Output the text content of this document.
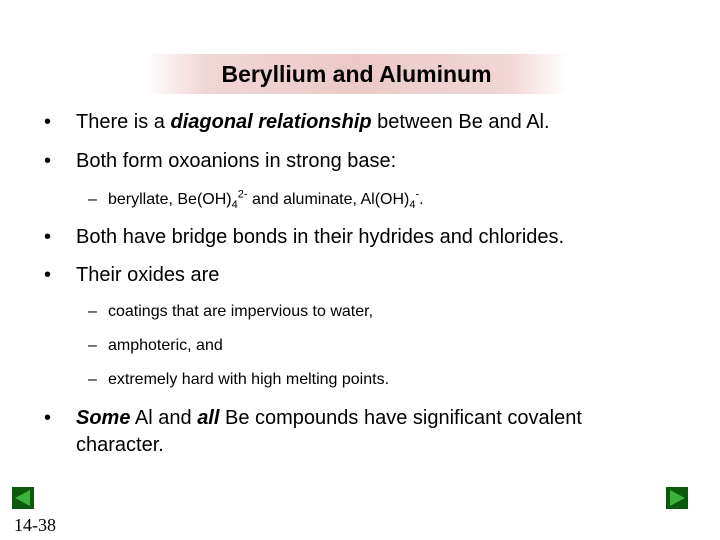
Beryllium and Aluminum
• There is a diagonal relationship between Be and Al.
• Both form oxoanions in strong base:
– beryllate, $Be(OH)_4^{2-}$ and aluminate, $Al(OH)_4^-$.
• Both have bridge bonds in their hydrides and chlorides.
• Their oxides are
– coatings that are impervious to water,
– amphoteric, and
– extremely hard with high melting points.
• Some Al and all Be compounds have significant covalent
character.
14-38
